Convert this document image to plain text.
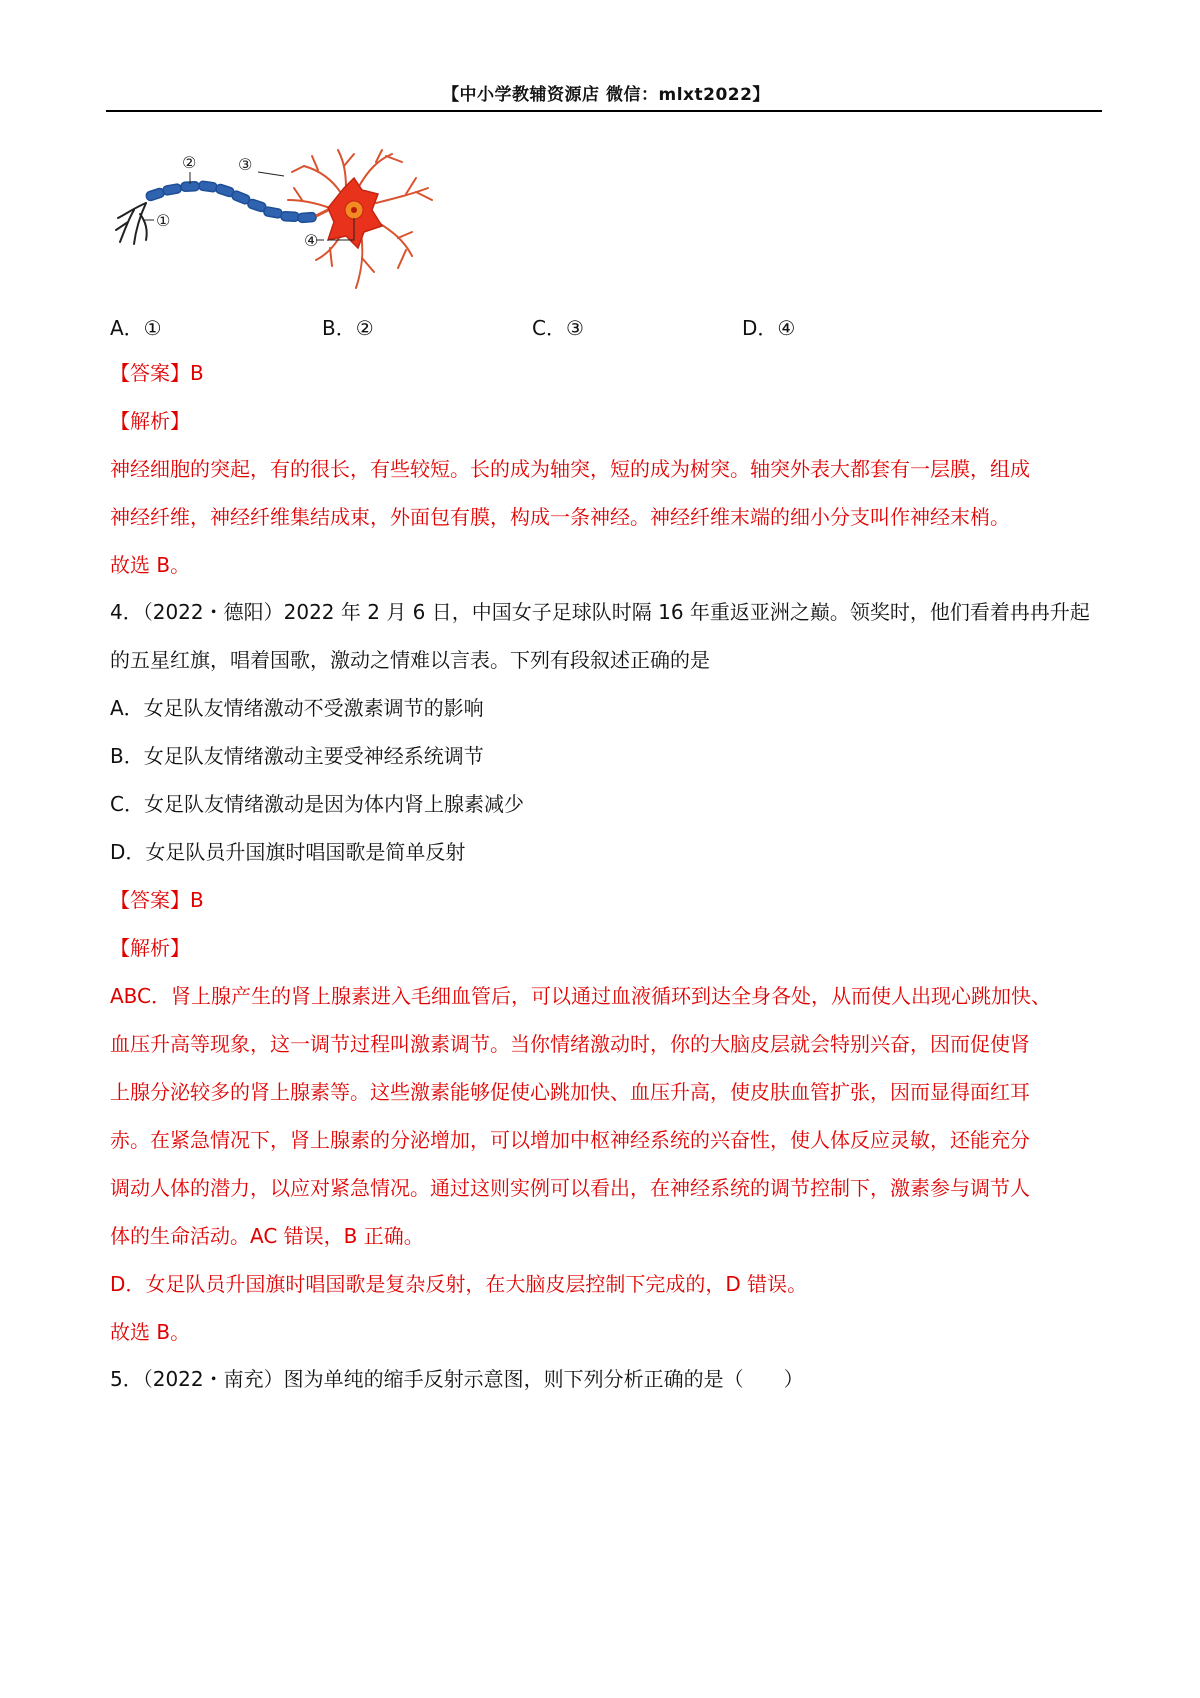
【中小学教辅资源店 微信：mlxt2022】
①
②	③
④
A．①	B．②	C．③	D．④
【答案】B
【解析】
神经细胞的突起，有的很长，有些较短。长的成为轴突，短的成为树突。轴突外表大都套有一层膜，组成
神经纤维，神经纤维集结成束，外面包有膜，构成一条神经。神经纤维末端的细小分支叫作神经末梢。
故选 B。
4．（2022・德阳）2022 年 2 月 6 日，中国女子足球队时隔 16 年重返亚洲之巅。领奖时，他们看着冉冉升起
的五星红旗，唱着国歌，激动之情难以言表。下列有段叙述正确的是
A．女足队友情绪激动不受激素调节的影响
B．女足队友情绪激动主要受神经系统调节
C．女足队友情绪激动是因为体内肾上腺素减少
D．女足队员升国旗时唱国歌是简单反射
【答案】B
【解析】
ABC．肾上腺产生的肾上腺素进入毛细血管后，可以通过血液循环到达全身各处，从而使人出现心跳加快、
血压升高等现象，这一调节过程叫激素调节。当你情绪激动时，你的大脑皮层就会特别兴奋，因而促使肾
上腺分泌较多的肾上腺素等。这些激素能够促使心跳加快、血压升高，使皮肤血管扩张，因而显得面红耳
赤。在紧急情况下，肾上腺素的分泌增加，可以增加中枢神经系统的兴奋性，使人体反应灵敏，还能充分
调动人体的潜力，以应对紧急情况。通过这则实例可以看出，在神经系统的调节控制下，激素参与调节人
体的生命活动。AC 错误，B 正确。
D．女足队员升国旗时唱国歌是复杂反射，在大脑皮层控制下完成的，D 错误。
故选 B。
5．（2022・南充）图为单纯的缩手反射示意图，则下列分析正确的是（　　）
